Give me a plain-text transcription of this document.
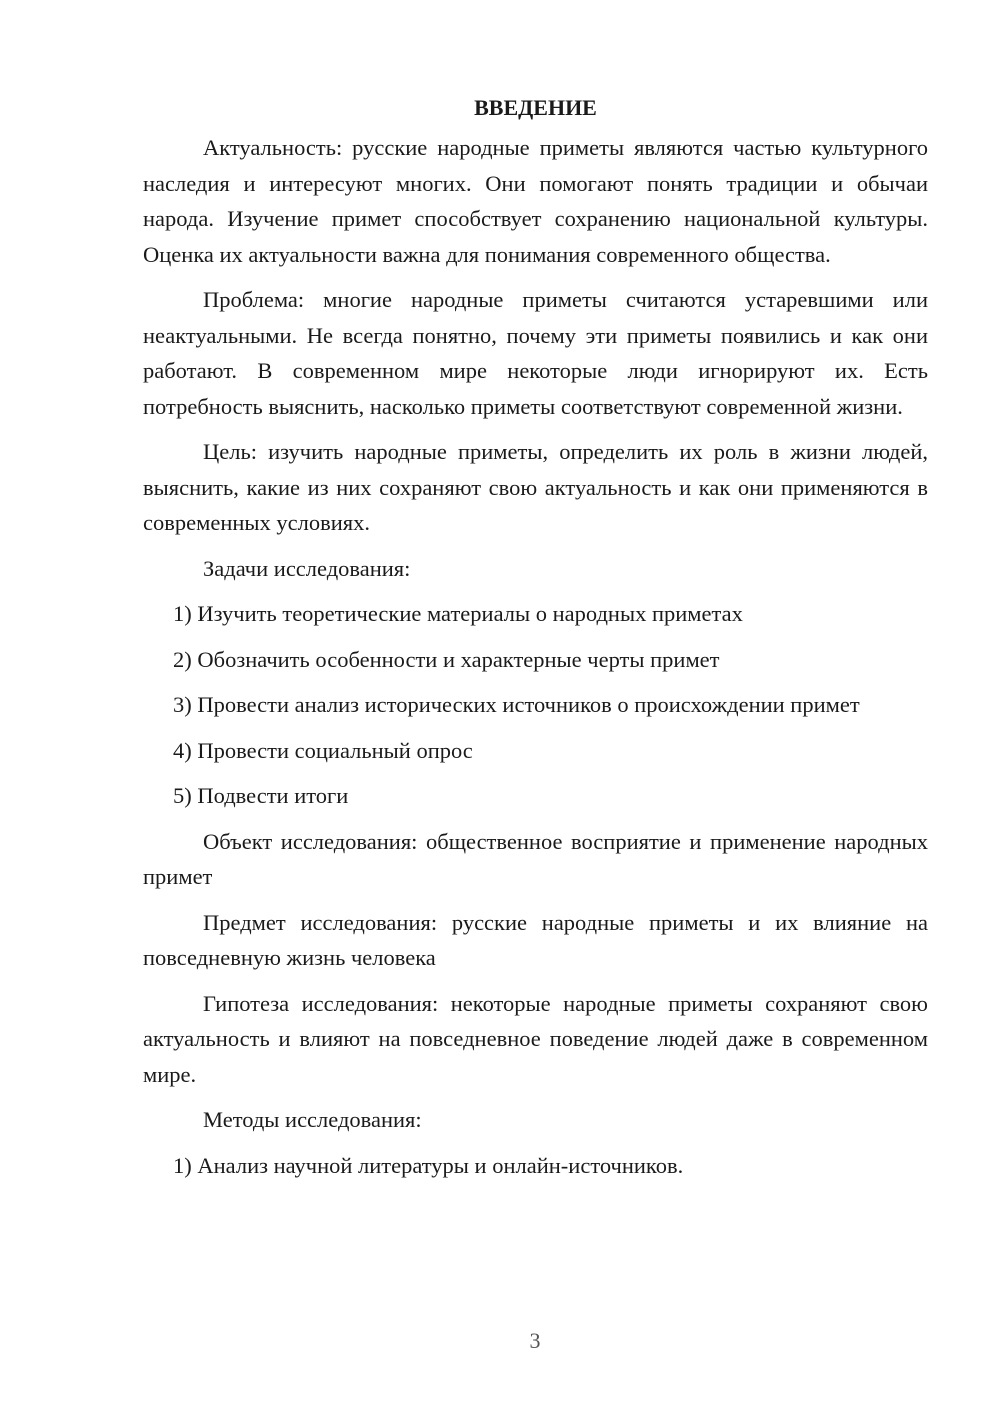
ВВЕДЕНИЕ

Актуальность: русские народные приметы являются частью культурного наследия и интересуют многих. Они помогают понять традиции и обычаи народа. Изучение примет способствует сохранению национальной культуры. Оценка их актуальности важна для понимания современного общества.

Проблема: многие народные приметы считаются устаревшими или неактуальными. Не всегда понятно, почему эти приметы появились и как они работают. В современном мире некоторые люди игнорируют их. Есть потребность выяснить, насколько приметы соответствуют современной жизни.

Цель: изучить народные приметы, определить их роль в жизни людей, выяснить, какие из них сохраняют свою актуальность и как они применяются в современных условиях.

Задачи исследования:

1) Изучить теоретические материалы о народных приметах

2) Обозначить особенности и характерные черты примет

3) Провести анализ исторических источников о происхождении примет

4) Провести социальный опрос

5) Подвести итоги

Объект исследования: общественное восприятие и применение народных примет

Предмет исследования: русские народные приметы и их влияние на повседневную жизнь человека

Гипотеза исследования: некоторые народные приметы сохраняют свою актуальность и влияют на повседневное поведение людей даже в современном мире.

Методы исследования:

1) Анализ научной литературы и онлайн-источников.

3
